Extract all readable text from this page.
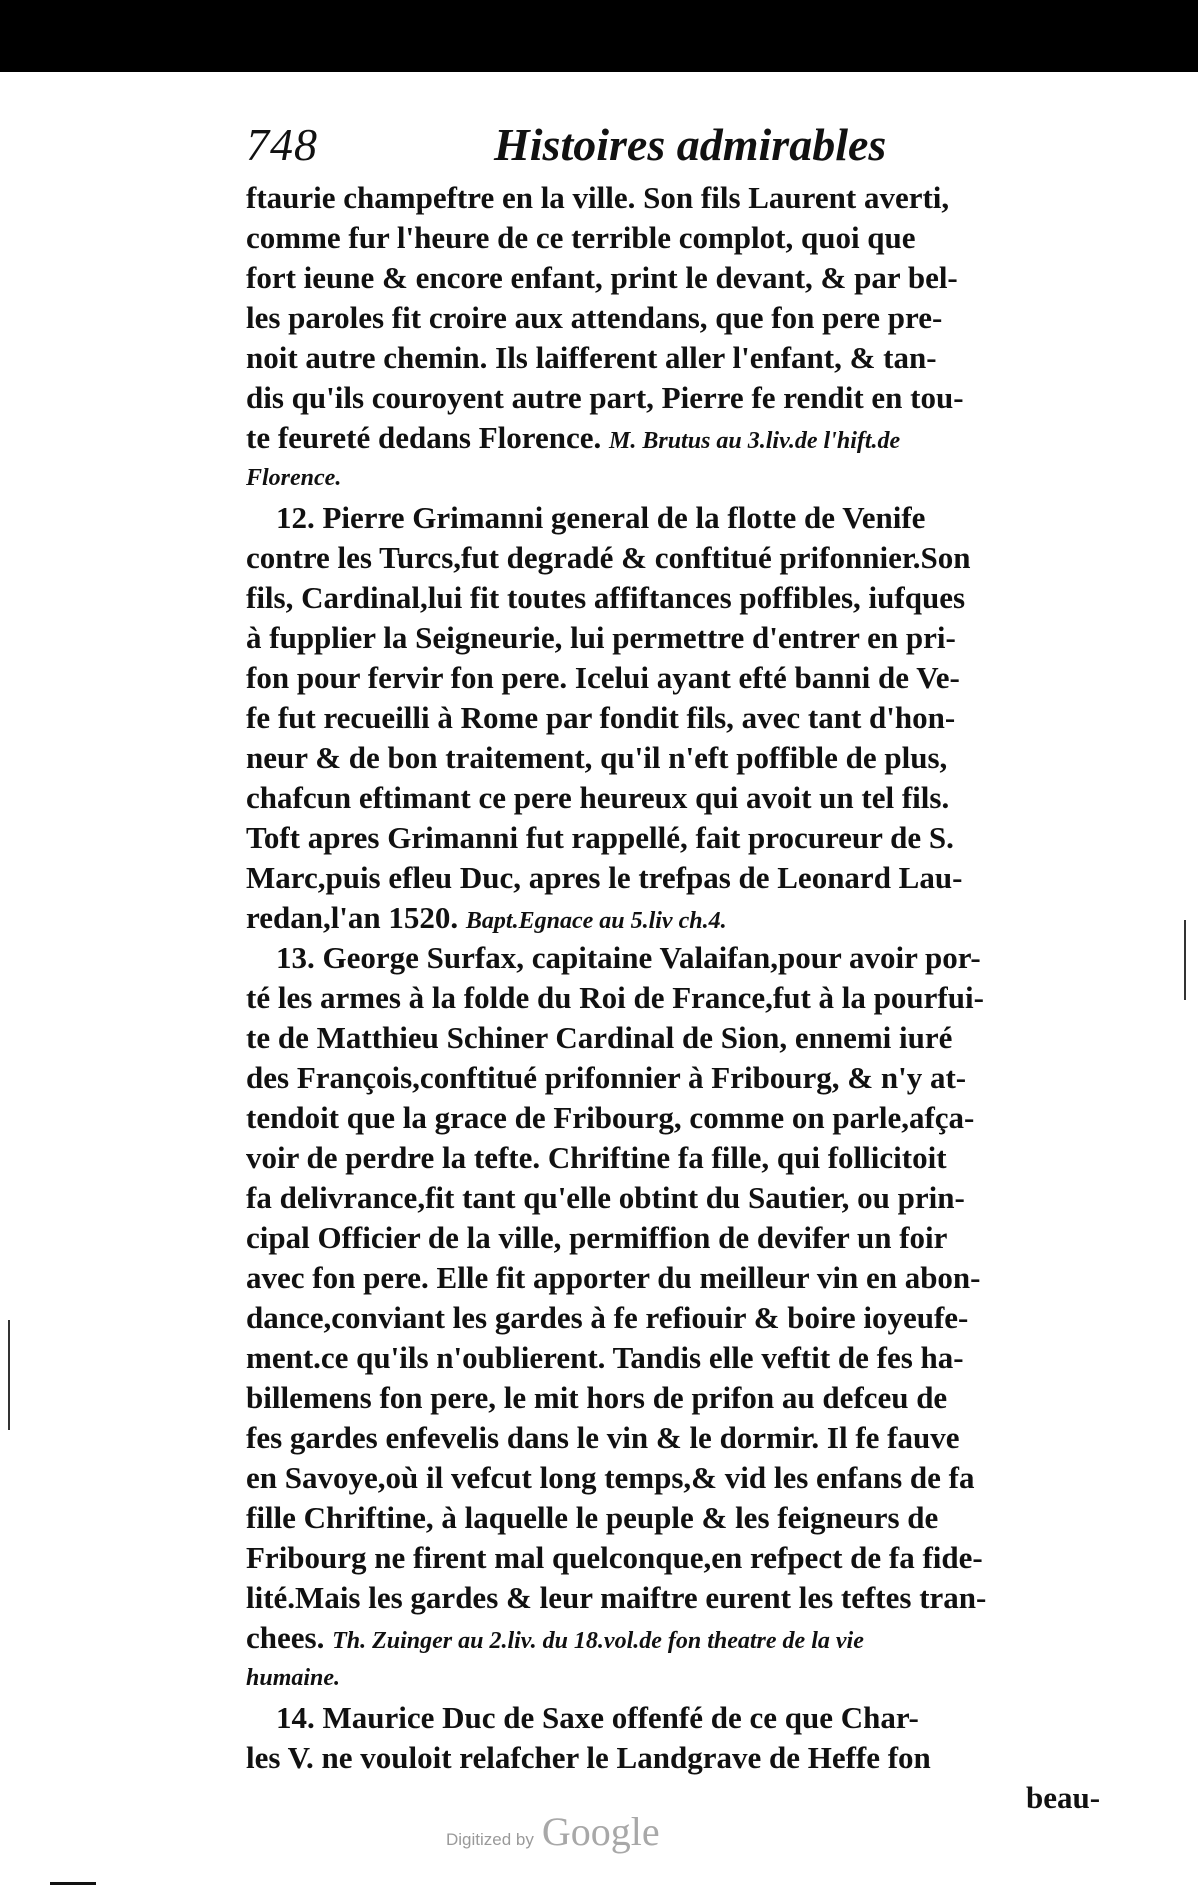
748	Histoires admirables
ftaurie champeftre en la ville. Son fils Laurent averti,
comme fur l'heure de ce terrible complot, quoi que
fort ieune & encore enfant, print le devant, & par bel-
les paroles fit croire aux attendans, que fon pere pre-
noit autre chemin. Ils laifferent aller l'enfant, & tan-
dis qu'ils couroyent autre part, Pierre fe rendit en tou-
te feureté dedans Florence. M. Brutus au 3.liv.de l'hift.de
Florence.
12. Pierre Grimanni general de la flotte de Venife
contre les Turcs,fut degradé & conftitué prifonnier.Son
fils, Cardinal,lui fit toutes affiftances poffibles, iufques
à fupplier la Seigneurie, lui permettre d'entrer en pri-
fon pour fervir fon pere. Icelui ayant efté banni de Ve-
fe fut recueilli à Rome par fondit fils, avec tant d'hon-
neur & de bon traitement, qu'il n'eft poffible de plus,
chafcun eftimant ce pere heureux qui avoit un tel fils.
Toft apres Grimanni fut rappellé, fait procureur de S.
Marc,puis efleu Duc, apres le trefpas de Leonard Lau-
redan,l'an 1520. Bapt.Egnace au 5.liv ch.4.
13. George Surfax, capitaine Valaifan,pour avoir por-
té les armes à la folde du Roi de France,fut à la pourfui-
te de Matthieu Schiner Cardinal de Sion, ennemi iuré
des François,conftitué prifonnier à Fribourg, & n'y at-
tendoit que la grace de Fribourg, comme on parle,afça-
voir de perdre la tefte. Chriftine fa fille, qui follicitoit
fa delivrance,fit tant qu'elle obtint du Sautier, ou prin-
cipal Officier de la ville, permiffion de devifer un foir
avec fon pere. Elle fit apporter du meilleur vin en abon-
dance,conviant les gardes à fe refiouir & boire ioyeufe-
ment.ce qu'ils n'oublierent. Tandis elle veftit de fes ha-
billemens fon pere, le mit hors de prifon au defceu de
fes gardes enfevelis dans le vin & le dormir. Il fe fauve
en Savoye,où il vefcut long temps,& vid les enfans de fa
fille Chriftine, à laquelle le peuple & les feigneurs de
Fribourg ne firent mal quelconque,en refpect de fa fide-
lité.Mais les gardes & leur maiftre eurent les teftes tran-
chees. Th. Zuinger au 2.liv. du 18.vol.de fon theatre de la vie
humaine.
14. Maurice Duc de Saxe offenfé de ce que Char-
les V. ne vouloit relafcher le Landgrave de Heffe fon
beau-
Digitized by Google
